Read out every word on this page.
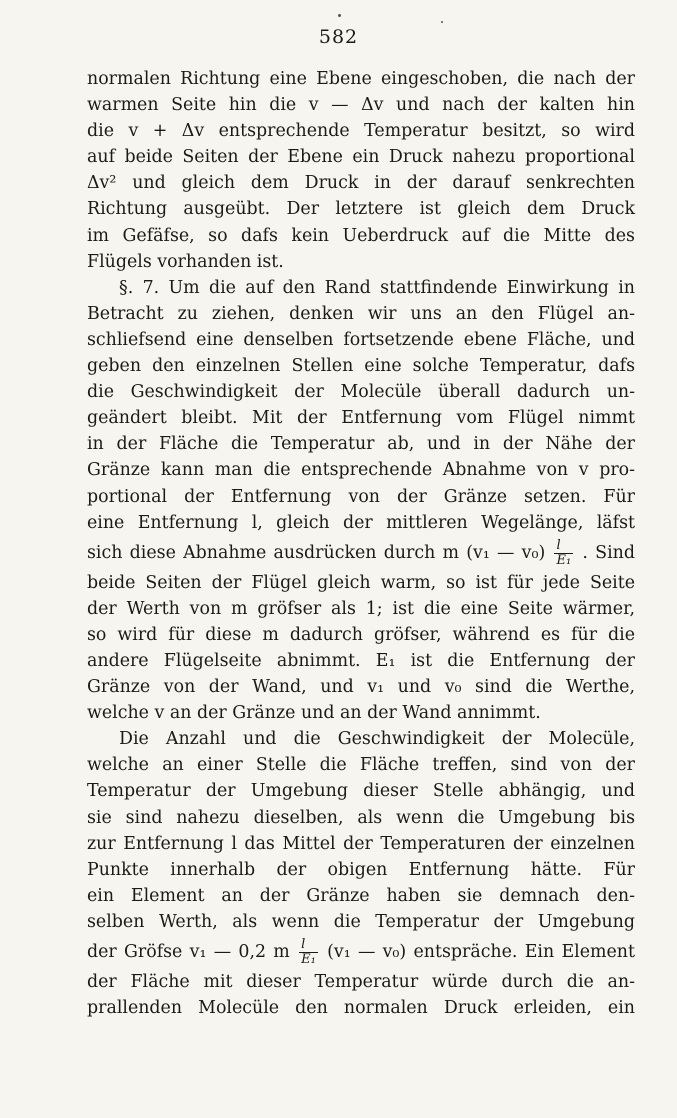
582
normalen Richtung eine Ebene eingeschoben, die nach der
warmen Seite hin die v — Δv und nach der kalten hin
die v + Δv entsprechende Temperatur besitzt, so wird
auf beide Seiten der Ebene ein Druck nahezu proportional
Δv² und gleich dem Druck in der darauf senkrechten
Richtung ausgeübt. Der letztere ist gleich dem Druck
im Gefäfse, so dafs kein Ueberdruck auf die Mitte des
Flügels vorhanden ist.
§. 7. Um die auf den Rand stattfindende Einwirkung in
Betracht zu ziehen, denken wir uns an den Flügel an-
schliefsend eine denselben fortsetzende ebene Fläche, und
geben den einzelnen Stellen eine solche Temperatur, dafs
die Geschwindigkeit der Molecüle überall dadurch un-
geändert bleibt. Mit der Entfernung vom Flügel nimmt
in der Fläche die Temperatur ab, und in der Nähe der
Gränze kann man die entsprechende Abnahme von v pro-
portional der Entfernung von der Gränze setzen. Für
eine Entfernung l, gleich der mittleren Wegelänge, läfst
sich diese Abnahme ausdrücken durch m (v₁ — $v_0) \frac{l}{\text{E₁}}$ . Sind
beide Seiten der Flügel gleich warm, so ist für jede Seite
der Werth von m gröfser als 1; ist die eine Seite wärmer,
so wird für diese m dadurch gröfser, während es für die
andere Flügelseite abnimmt. E₁ ist die Entfernung der
Gränze von der Wand, und v₁ und v₀ sind die Werthe,
welche v an der Gränze und an der Wand annimmt.
Die Anzahl und die Geschwindigkeit der Molecüle,
welche an einer Stelle die Fläche treffen, sind von der
Temperatur der Umgebung dieser Stelle abhängig, und
sie sind nahezu dieselben, als wenn die Umgebung bis
zur Entfernung l das Mittel der Temperaturen der einzelnen
Punkte innerhalb der obigen Entfernung hätte. Für
ein Element an der Gränze haben sie demnach den-
selben Werth, als wenn die Temperatur der Umgebung
der Gröfse v₁ — 0,2 m $\frac{l}{\text{E₁}} (v_1$ — v₀) entspräche. Ein Element
der Fläche mit dieser Temperatur würde durch die an-
prallenden Molecüle den normalen Druck erleiden, ein
